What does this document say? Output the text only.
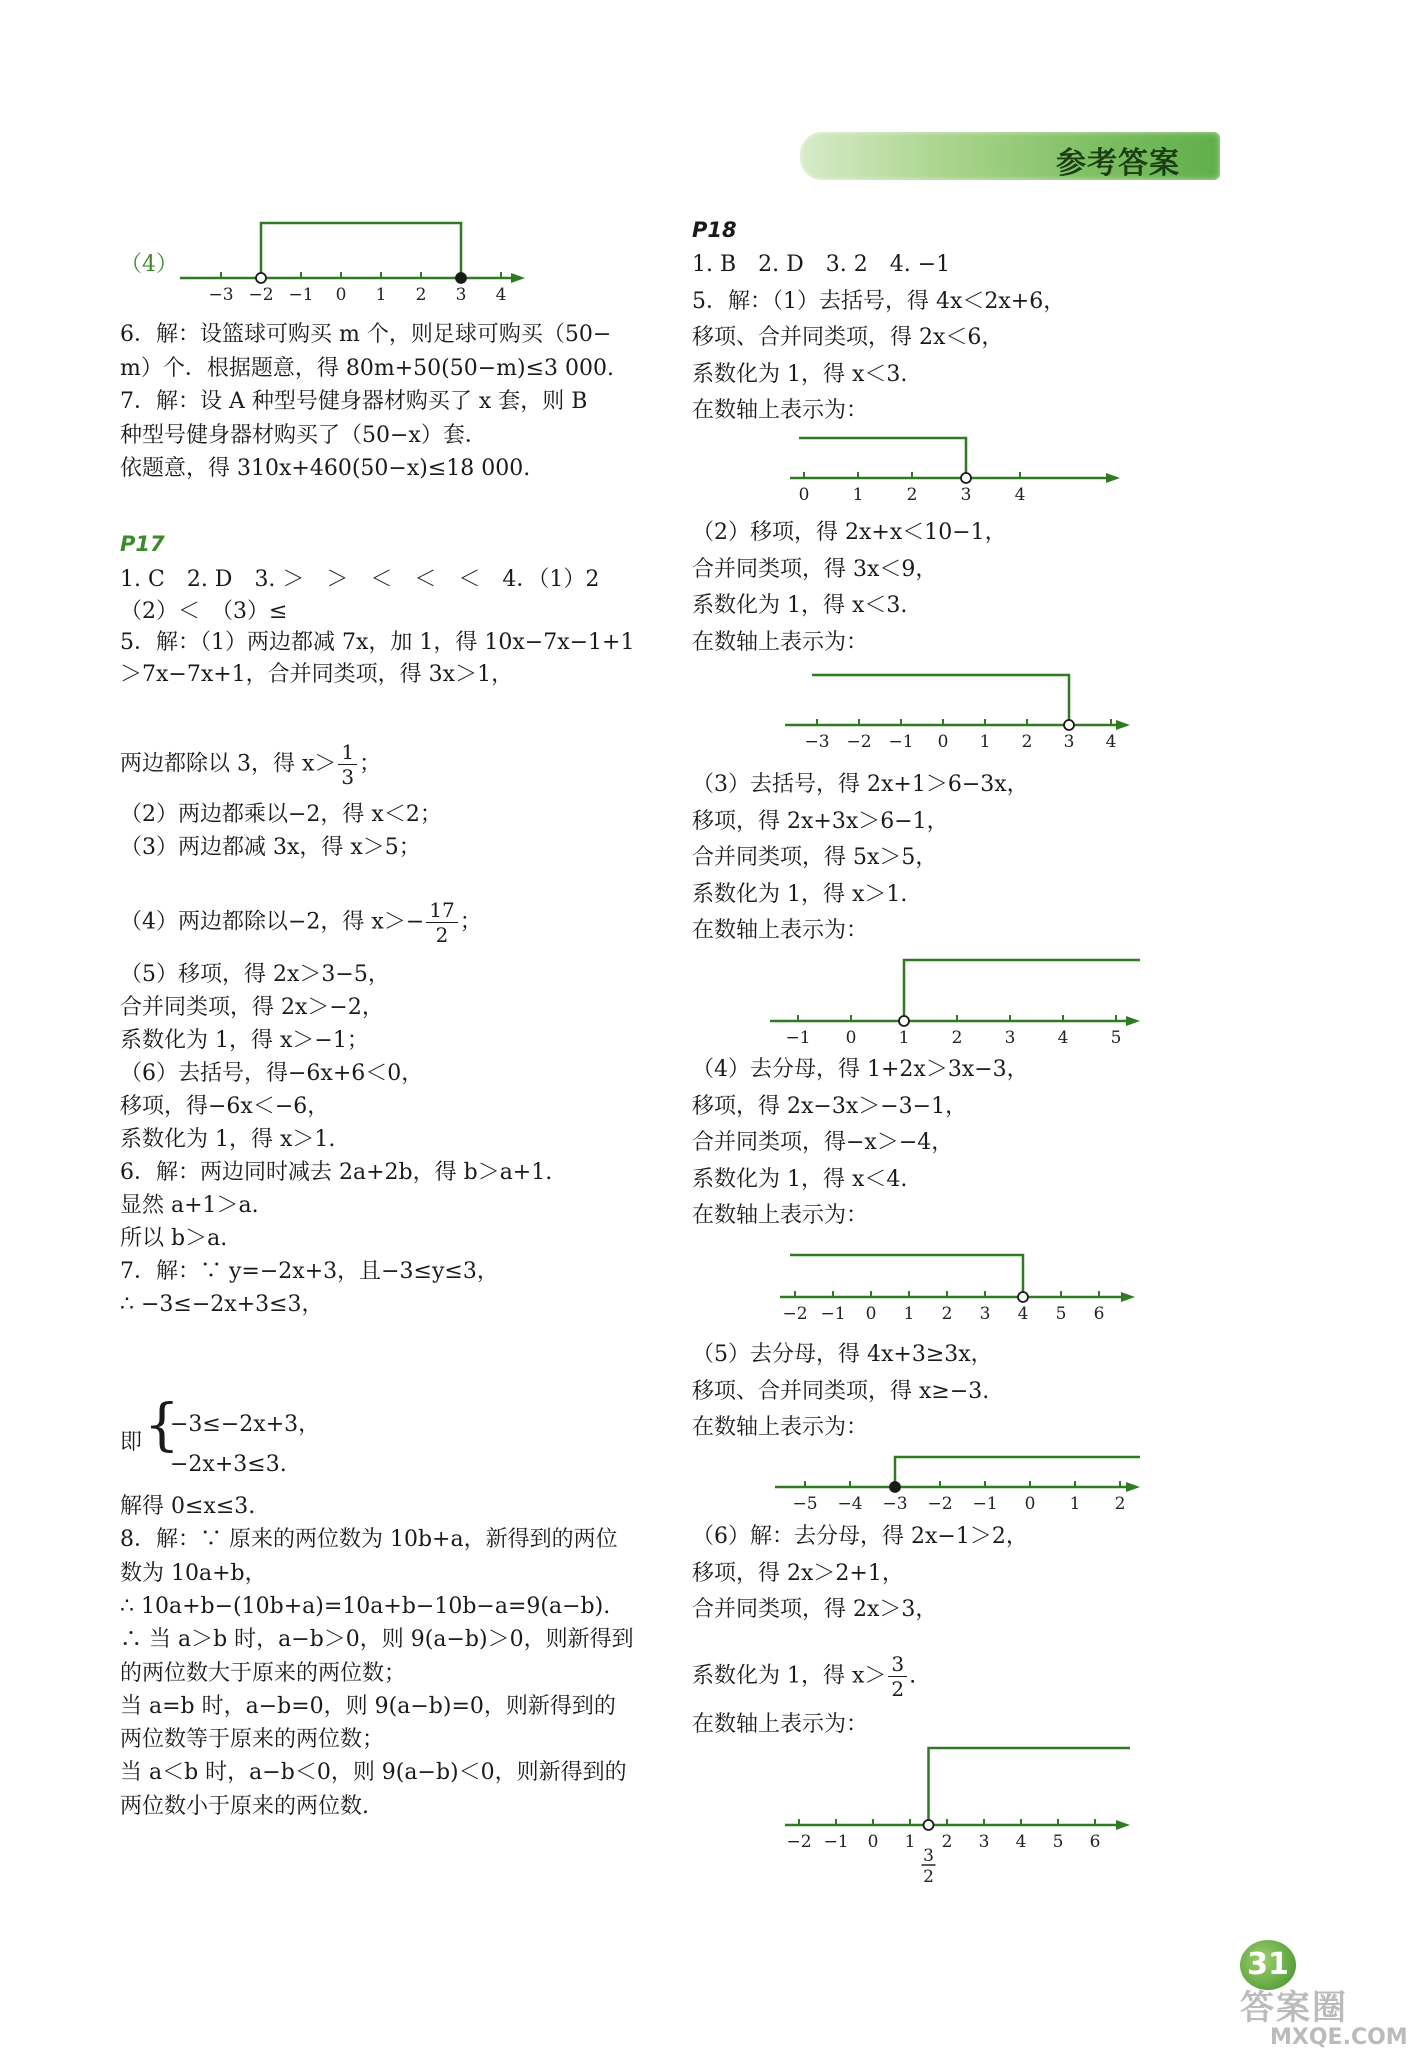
参考答案
（4）
−3 −2 −1 0 1 2 3 4
6．解：设篮球可购买 m 个，则足球可购买（50−
m）个．根据题意，得 80m+50(50−m)≤3 000.
7．解：设 A 种型号健身器材购买了 x 套，则 B
种型号健身器材购买了（50−x）套．
依题意，得 310x+460(50−x)≤18 000.
P17
1. C　2. D　3. ＞　＞　＜　＜　＜　4．（1）2
（2）＜　（3）≤
5．解：（1）两边都减 7x，加 1，得 10x−7x−1+1
＞7x−7x+1，合并同类项，得 3x＞1，
两边都除以 3，得 $x> \frac{1}{3}$ ；
（2）两边都乘以−2，得 x＜2；
（3）两边都减 3x，得 x＞5；
（4）两边都除以−2，得 $x>- \frac{17}{2}$ ；
（5）移项，得 2x＞3−5，
合并同类项，得 2x＞−2，
系数化为 1，得 x＞−1；
（6）去括号，得−6x+6＜0，
移项，得−6x＜−6，
系数化为 1，得 x＞1.
6．解：两边同时减去 2a+2b，得 b＞a+1.
显然 a+1＞a.
所以 b＞a.
7．解：∵ y=−2x+3，且−3≤y≤3，
∴ −3≤−2x+3≤3，
即 {
−3≤−2x+3，
−2x+3≤3.
解得 0≤x≤3.
8．解：∵ 原来的两位数为 10b+a，新得到的两位
数为 10a+b，
∴ 10a+b−(10b+a)=10a+b−10b−a=9(a−b).
∴ 当 a＞b 时，a−b＞0，则 9(a−b)＞0，则新得到
的两位数大于原来的两位数；
当 a=b 时，a−b=0，则 9(a−b)=0，则新得到的
两位数等于原来的两位数；
当 a＜b 时，a−b＜0，则 9(a−b)＜0，则新得到的
两位数小于原来的两位数.
P18
1. B　2. D　3. 2　4. −1
5．解：（1）去括号，得 4x＜2x+6，
移项、合并同类项，得 2x＜6，
系数化为 1，得 x＜3.
在数轴上表示为：
0	1	2	3	4
（2）移项，得 2x+x＜10−1，
合并同类项，得 3x＜9，
系数化为 1，得 x＜3.
在数轴上表示为：
−3 −2 −1 0 1 2 3 4
（3）去括号，得 2x+1＞6−3x，
移项，得 2x+3x＞6−1，
合并同类项，得 5x＞5，
系数化为 1，得 x＞1.
在数轴上表示为：
−1 0 1 2 3 4 5
（4）去分母，得 1+2x＞3x−3，
移项，得 2x−3x＞−3−1，
合并同类项，得−x＞−4，
系数化为 1，得 x＜4.
在数轴上表示为：
−2 −1 0 1 2 3 4 5 6
（5）去分母，得 4x+3≥3x，
移项、合并同类项，得 x≥−3.
在数轴上表示为：
−5 −4 −3 −2 −1 0 1 2
（6）解：去分母，得 2x−1＞2，
移项，得 2x＞2+1，
合并同类项，得 2x＞3，
系数化为 1，得 $x> \frac{3}{2}$ .
在数轴上表示为：
−2 −1 0 1 2 3 4 5 6
3
2
31
答案圈
MXQE.COM
